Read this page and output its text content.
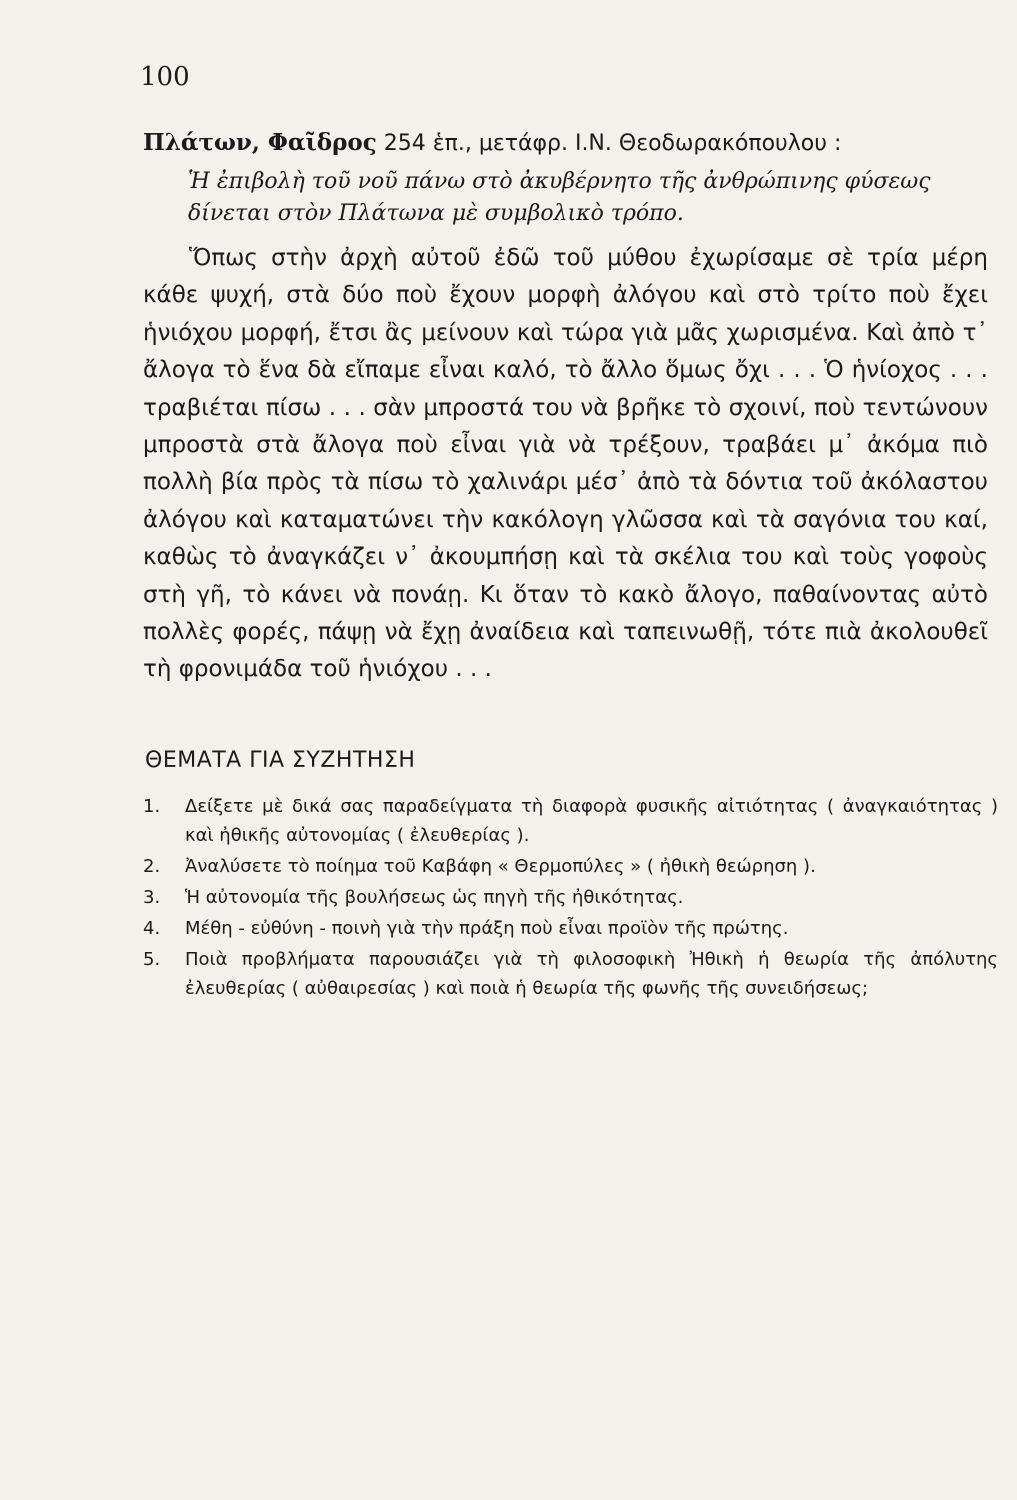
100
Πλάτων, Φαῖδρος 254 ἑπ., μετάφρ. Ι.Ν. Θεοδωρακόπουλου :
Ἡ ἐπιβολὴ τοῦ νοῦ πάνω στὸ ἀκυβέρνητο τῆς ἀνθρώπινης φύσεως δίνεται στὸν Πλάτωνα μὲ συμβολικὸ τρόπο.

Ὅπως στὴν ἀρχὴ αὐτοῦ ἐδῶ τοῦ μύθου ἐχωρίσαμε σὲ τρία μέρη κάθε ψυχή, στὰ δύο ποὺ ἔχουν μορφὴ ἀλόγου καὶ στὸ τρίτο ποὺ ἔχει ἡνιόχου μορφή, ἔτσι ἂς μείνουν καὶ τώρα γιὰ μᾶς χωρισμένα. Καὶ ἀπὸ τ᾽ ἄλογα τὸ ἕνα δὰ εἴπαμε εἶναι καλό, τὸ ἄλλο ὅμως ὄχι . . . Ὁ ἡνίοχος . . . τραβιέται πίσω . . . σὰν μπροστά του νὰ βρῆκε τὸ σχοινί, ποὺ τεντώνουν μπροστὰ στὰ ἄλογα ποὺ εἶναι γιὰ νὰ τρέξουν, τραβάει μ᾽ ἀκόμα πιὸ πολλὴ βία πρὸς τὰ πίσω τὸ χαλινάρι μέσ᾽ ἀπὸ τὰ δόντια τοῦ ἀκόλαστου ἀλόγου καὶ καταματώνει τὴν κακόλογη γλῶσσα καὶ τὰ σαγόνια του καί, καθὼς τὸ ἀναγκάζει ν᾽ ἀκουμπήσῃ καὶ τὰ σκέλια του καὶ τοὺς γοφοὺς στὴ γῆ, τὸ κάνει νὰ πονάῃ. Κι ὅταν τὸ κακὸ ἄλογο, παθαίνοντας αὐτὸ πολλὲς φορές, πάψῃ νὰ ἔχῃ ἀναίδεια καὶ ταπεινωθῇ, τότε πιὰ ἀκολουθεῖ τὴ φρονιμάδα τοῦ ἡνιόχου . . .

ΘΕΜΑΤΑ ΓΙΑ ΣΥΖΗΤΗΣΗ
1. Δείξετε μὲ δικά σας παραδείγματα τὴ διαφορὰ φυσικῆς αἰτιότητας ( ἀναγκαιότητας ) καὶ ἠθικῆς αὐτονομίας ( ἐλευθερίας ).
2. Ἀναλύσετε τὸ ποίημα τοῦ Καβάφη « Θερμοπύλες » ( ἠθικὴ θεώρηση ).
3. Ἡ αὐτονομία τῆς βουλήσεως ὡς πηγὴ τῆς ἠθικότητας.
4. Μέθη - εὐθύνη - ποινὴ γιὰ τὴν πράξη ποὺ εἶναι προϊὸν τῆς πρώτης.
5. Ποιὰ προβλήματα παρουσιάζει γιὰ τὴ φιλοσοφικὴ Ἠθικὴ ἡ θεωρία τῆς ἀπόλυτης ἐλευθερίας ( αὐθαιρεσίας ) καὶ ποιὰ ἡ θεωρία τῆς φωνῆς τῆς συνειδήσεως;
